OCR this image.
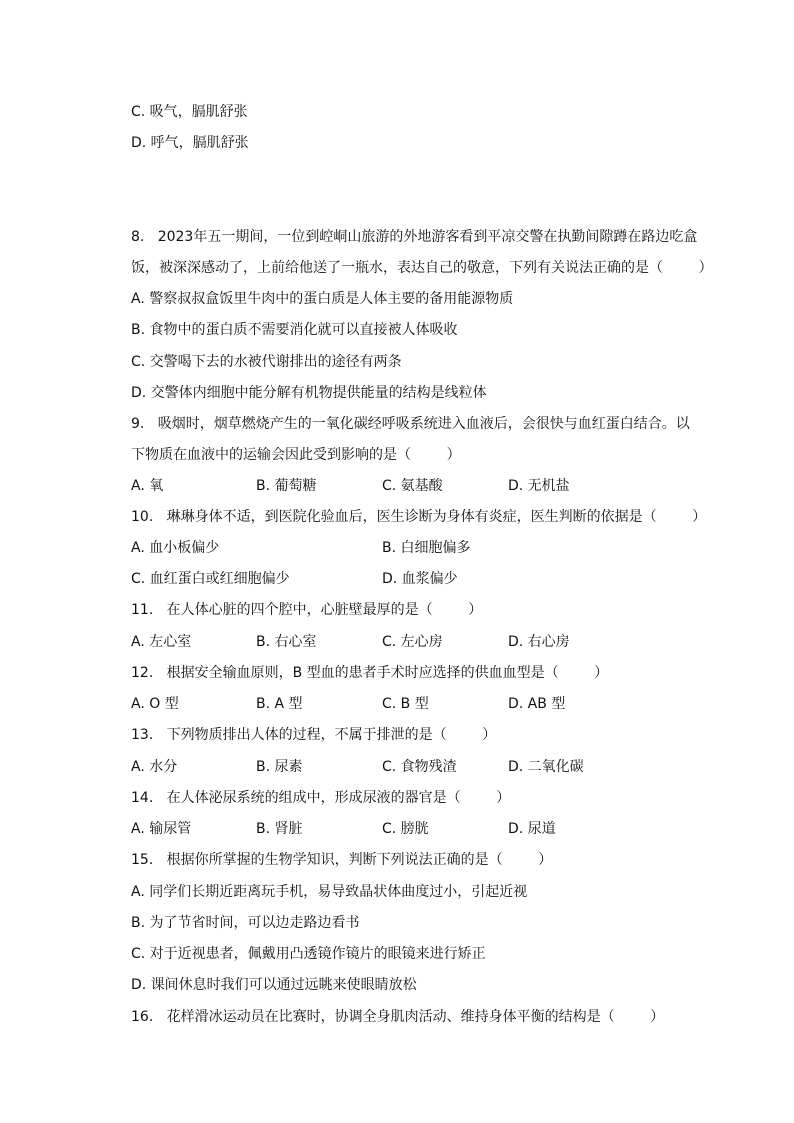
C. 吸气，膈肌舒张
D. 呼气，膈肌舒张
8.   2023年五一期间，一位到崆峒山旅游的外地游客看到平凉交警在执勤间隙蹲在路边吃盒
饭，被深深感动了，上前给他送了一瓶水，表达自己的敬意，下列有关说法正确的是（        ）
A. 警察叔叔盒饭里牛肉中的蛋白质是人体主要的备用能源物质
B. 食物中的蛋白质不需要消化就可以直接被人体吸收
C. 交警喝下去的水被代谢排出的途径有两条
D. 交警体内细胞中能分解有机物提供能量的结构是线粒体
9.   吸烟时，烟草燃烧产生的一氧化碳经呼吸系统进入血液后，会很快与血红蛋白结合。以
下物质在血液中的运输会因此受到影响的是（        ）
A. 氧	B. 葡萄糖	C. 氨基酸	D. 无机盐
10.   琳琳身体不适，到医院化验血后，医生诊断为身体有炎症，医生判断的依据是（        ）
A. 血小板偏少	B. 白细胞偏多
C. 血红蛋白或红细胞偏少	D. 血浆偏少
11.   在人体心脏的四个腔中，心脏壁最厚的是（        ）
A. 左心室	B. 右心室	C. 左心房	D. 右心房
12.   根据安全输血原则，B 型血的患者手术时应选择的供血血型是（        ）
A. O 型	B. A 型	C. B 型	D. AB 型
13.   下列物质排出人体的过程，不属于排泄的是（        ）
A. 水分	B. 尿素	C. 食物残渣	D. 二氧化碳
14.   在人体泌尿系统的组成中，形成尿液的器官是（        ）
A. 输尿管	B. 肾脏	C. 膀胱	D. 尿道
15.   根据你所掌握的生物学知识，判断下列说法正确的是（        ）
A. 同学们长期近距离玩手机，易导致晶状体曲度过小，引起近视
B. 为了节省时间，可以边走路边看书
C. 对于近视患者，佩戴用凸透镜作镜片的眼镜来进行矫正
D. 课间休息时我们可以通过远眺来使眼睛放松
16.   花样滑冰运动员在比赛时，协调全身肌肉活动、维持身体平衡的结构是（        ）
